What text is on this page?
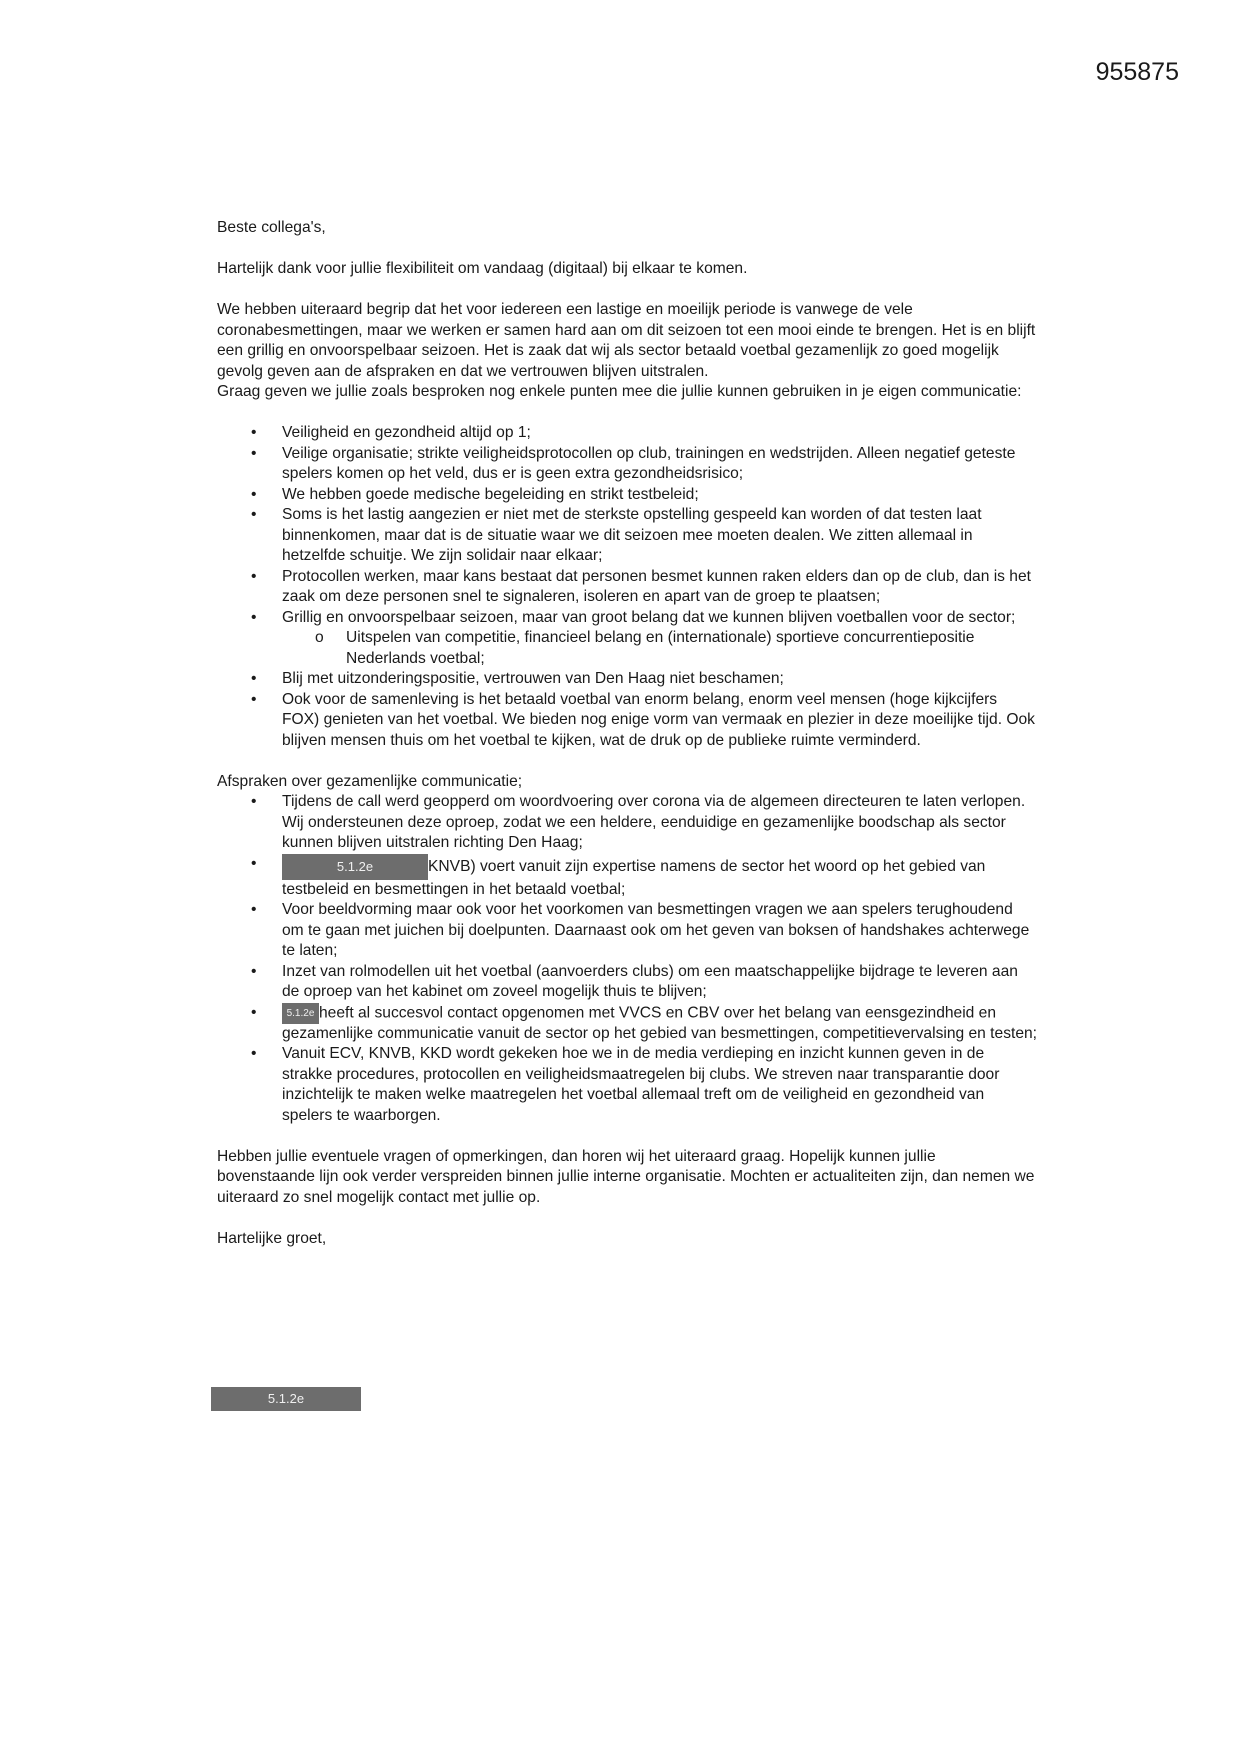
955875

Beste collega's,

Hartelijk dank voor jullie flexibiliteit om vandaag (digitaal) bij elkaar te komen.

We hebben uiteraard begrip dat het voor iedereen een lastige en moeilijk periode is vanwege de vele coronabesmettingen, maar we werken er samen hard aan om dit seizoen tot een mooi einde te brengen. Het is en blijft een grillig en onvoorspelbaar seizoen. Het is zaak dat wij als sector betaald voetbal gezamenlijk zo goed mogelijk gevolg geven aan de afspraken en dat we vertrouwen blijven uitstralen.

Graag geven we jullie zoals besproken nog enkele punten mee die jullie kunnen gebruiken in je eigen communicatie:

• Veiligheid en gezondheid altijd op 1;
• Veilige organisatie; strikte veiligheidsprotocollen op club, trainingen en wedstrijden. Alleen negatief geteste spelers komen op het veld, dus er is geen extra gezondheidsrisico;
• We hebben goede medische begeleiding en strikt testbeleid;
• Soms is het lastig aangezien er niet met de sterkste opstelling gespeeld kan worden of dat testen laat binnenkomen, maar dat is de situatie waar we dit seizoen mee moeten dealen. We zitten allemaal in hetzelfde schuitje. We zijn solidair naar elkaar;
• Protocollen werken, maar kans bestaat dat personen besmet kunnen raken elders dan op de club, dan is het zaak om deze personen snel te signaleren, isoleren en apart van de groep te plaatsen;
• Grillig en onvoorspelbaar seizoen, maar van groot belang dat we kunnen blijven voetballen voor de sector;
o Uitspelen van competitie, financieel belang en (internationale) sportieve concurrentiepositie Nederlands voetbal;
• Blij met uitzonderingspositie, vertrouwen van Den Haag niet beschamen;
• Ook voor de samenleving is het betaald voetbal van enorm belang, enorm veel mensen (hoge kijkcijfers FOX) genieten van het voetbal. We bieden nog enige vorm van vermaak en plezier in deze moeilijke tijd. Ook blijven mensen thuis om het voetbal te kijken, wat de druk op de publieke ruimte verminderd.

Afspraken over gezamenlijke communicatie;

• Tijdens de call werd geopperd om woordvoering over corona via de algemeen directeuren te laten verlopen. Wij ondersteunen deze oproep, zodat we een heldere, eenduidige en gezamenlijke boodschap als sector kunnen blijven uitstralen richting Den Haag;
• 5.1.2e	KNVB) voert vanuit zijn expertise namens de sector het woord op het gebied van testbeleid en besmettingen in het betaald voetbal;
• Voor beeldvorming maar ook voor het voorkomen van besmettingen vragen we aan spelers terughoudend om te gaan met juichen bij doelpunten. Daarnaast ook om het geven van boksen of handshakes achterwege te laten;
• Inzet van rolmodellen uit het voetbal (aanvoerders clubs) om een maatschappelijke bijdrage te leveren aan de oproep van het kabinet om zoveel mogelijk thuis te blijven;
• 5.1.2e heeft al succesvol contact opgenomen met VVCS en CBV over het belang van eensgezindheid en gezamenlijke communicatie vanuit de sector op het gebied van besmettingen, competitievervalsing en testen;
• Vanuit ECV, KNVB, KKD wordt gekeken hoe we in de media verdieping en inzicht kunnen geven in de strakke procedures, protocollen en veiligheidsmaatregelen bij clubs. We streven naar transparantie door inzichtelijk te maken welke maatregelen het voetbal allemaal treft om de veiligheid en gezondheid van spelers te waarborgen.

Hebben jullie eventuele vragen of opmerkingen, dan horen wij het uiteraard graag. Hopelijk kunnen jullie bovenstaande lijn ook verder verspreiden binnen jullie interne organisatie. Mochten er actualiteiten zijn, dan nemen we uiteraard zo snel mogelijk contact met jullie op.

Hartelijke groet,

5.1.2e
